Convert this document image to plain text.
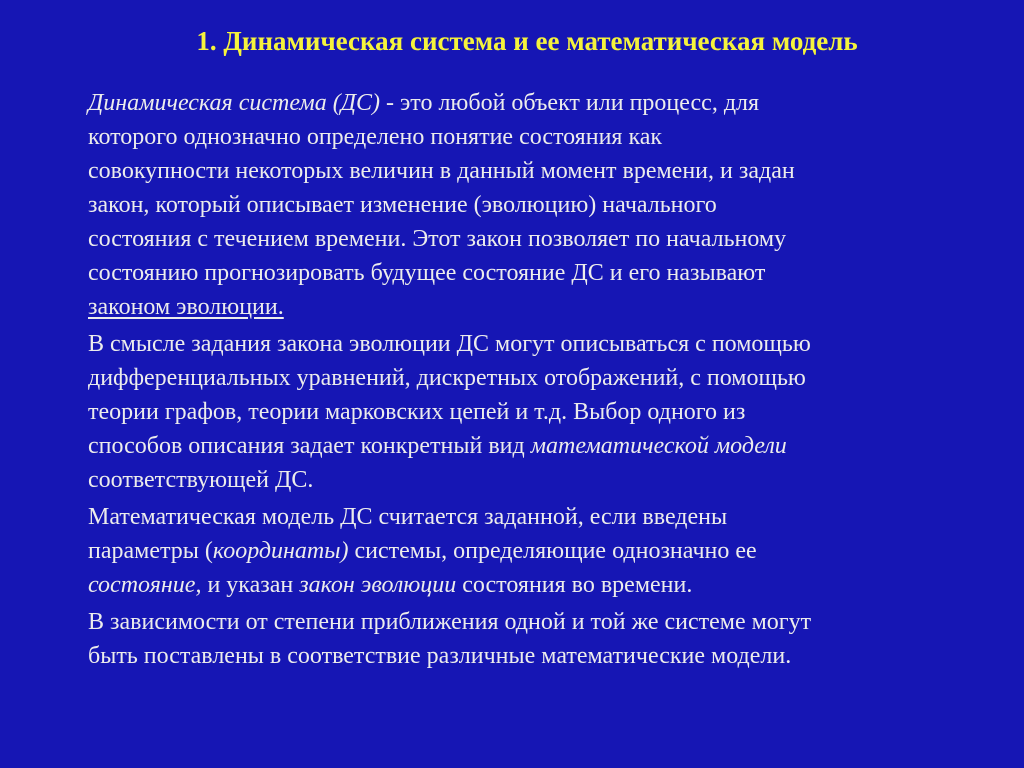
1. Динамическая система и ее математическая модель
Динамическая система (ДС) - это любой объект или процесс, для
которого однозначно определено понятие состояния как
совокупности некоторых величин в данный момент времени, и задан
закон, который описывает изменение (эволюцию) начального
состояния с течением времени. Этот закон позволяет по начальному
состоянию прогнозировать будущее состояние ДС и его называют
законом эволюции.
В смысле задания закона эволюции ДС могут описываться с помощью
дифференциальных уравнений, дискретных отображений, с помощью
теории графов, теории марковских цепей и т.д. Выбор одного из
способов описания задает конкретный вид математической модели
соответствующей ДС.
Математическая модель ДС считается заданной, если введены
параметры (координаты) системы, определяющие однозначно ее
состояние, и указан закон эволюции состояния во времени.
В зависимости от степени приближения одной и той же системе могут
быть поставлены в соответствие различные математические модели.
